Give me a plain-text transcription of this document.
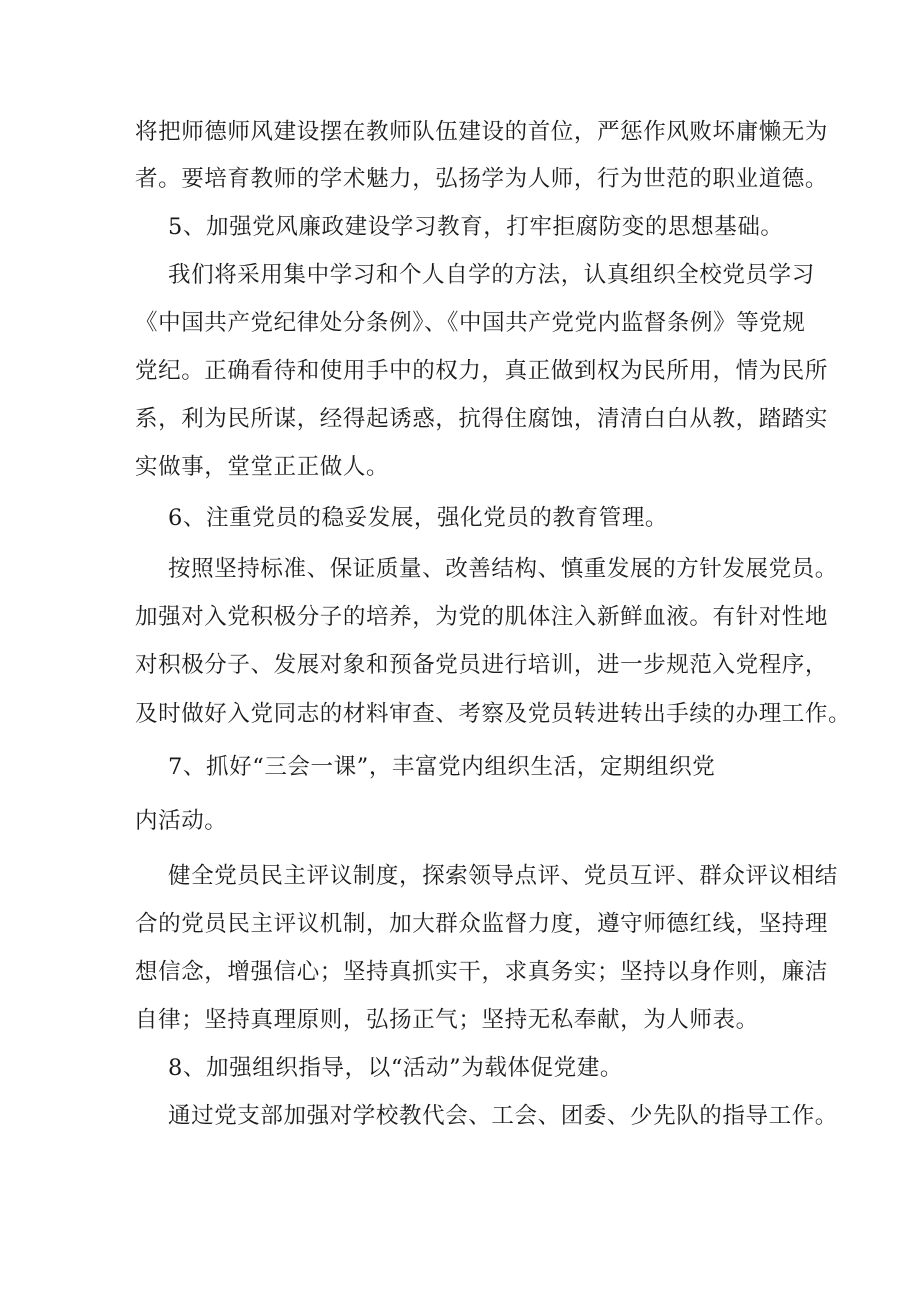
将把师德师风建设摆在教师队伍建设的首位，严惩作风败坏庸懒无为
者。要培育教师的学术魅力，弘扬学为人师，行为世范的职业道德。
5、加强党风廉政建设学习教育，打牢拒腐防变的思想基础。
我们将采用集中学习和个人自学的方法，认真组织全校党员学习
《中国共产党纪律处分条例》、《中国共产党党内监督条例》等党规
党纪。正确看待和使用手中的权力，真正做到权为民所用，情为民所
系，利为民所谋，经得起诱惑，抗得住腐蚀，清清白白从教，踏踏实
实做事，堂堂正正做人。
6、注重党员的稳妥发展，强化党员的教育管理。
按照坚持标准、保证质量、改善结构、慎重发展的方针发展党员。
加强对入党积极分子的培养，为党的肌体注入新鲜血液。有针对性地
对积极分子、发展对象和预备党员进行培训，进一步规范入党程序，
及时做好入党同志的材料审查、考察及党员转进转出手续的办理工作。
7、抓好“三会一课”，丰富党内组织生活，定期组织党
内活动。
健全党员民主评议制度，探索领导点评、党员互评、群众评议相结
合的党员民主评议机制，加大群众监督力度，遵守师德红线，坚持理
想信念，增强信心；坚持真抓实干，求真务实；坚持以身作则，廉洁
自律；坚持真理原则，弘扬正气；坚持无私奉献，为人师表。
8、加强组织指导，以“活动”为载体促党建。
通过党支部加强对学校教代会、工会、团委、少先队的指导工作。
